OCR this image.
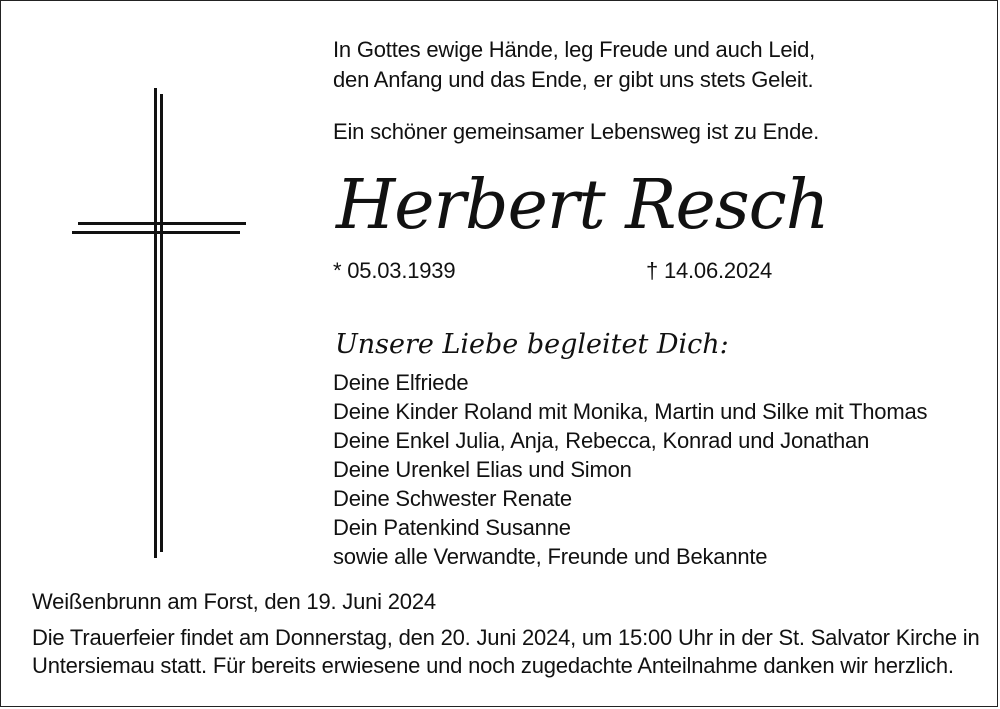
In Gottes ewige Hände, leg Freude und auch Leid,
den Anfang und das Ende, er gibt uns stets Geleit.
Ein schöner gemeinsamer Lebensweg ist zu Ende.
Herbert Resch
* 05.03.1939	† 14.06.2024
Unsere Liebe begleitet Dich:
Deine Elfriede
Deine Kinder Roland mit Monika, Martin und Silke mit Thomas
Deine Enkel Julia, Anja, Rebecca, Konrad und Jonathan
Deine Urenkel Elias und Simon
Deine Schwester Renate
Dein Patenkind Susanne
sowie alle Verwandte, Freunde und Bekannte
Weißenbrunn am Forst, den 19. Juni 2024
Die Trauerfeier findet am Donnerstag, den 20. Juni 2024, um 15:00 Uhr in der St. Salvator Kirche in
Untersiemau statt. Für bereits erwiesene und noch zugedachte Anteilnahme danken wir herzlich.
